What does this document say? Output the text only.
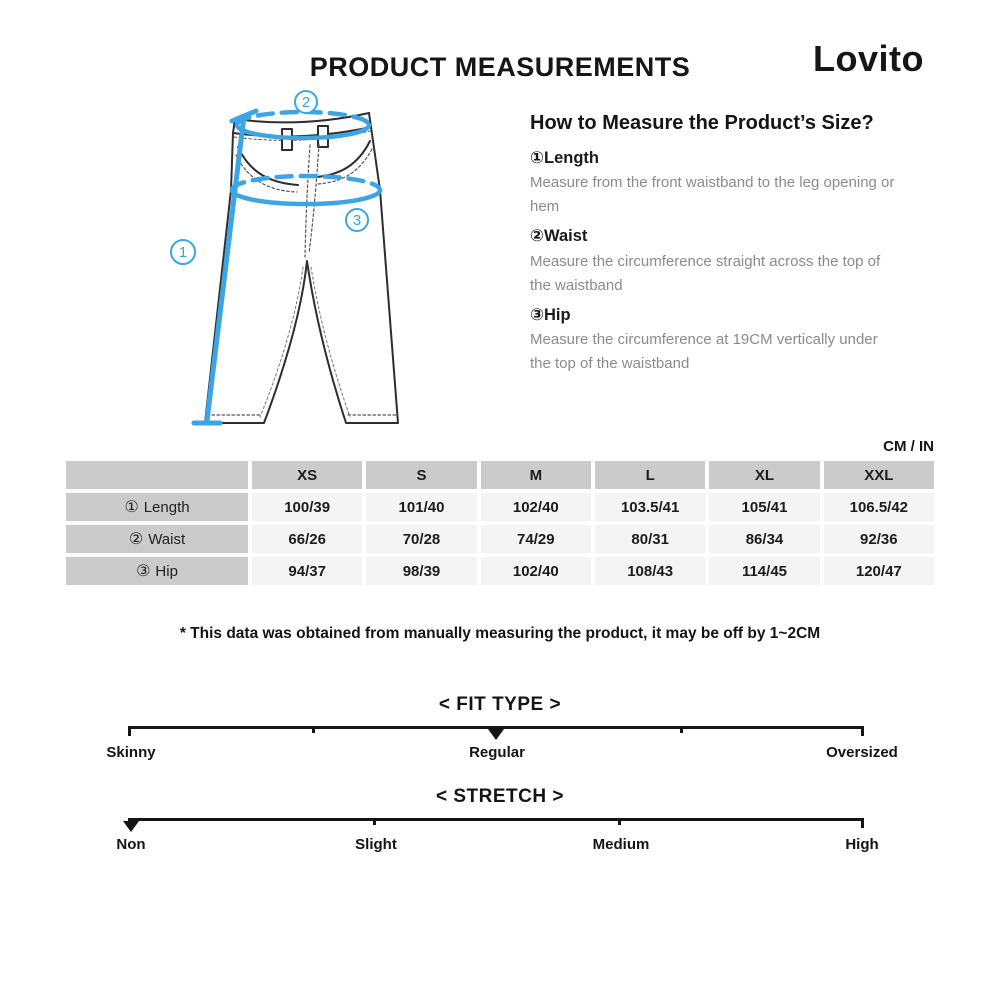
PRODUCT MEASUREMENTS	Lovito
1
2
3
How to Measure the Product’s Size?
①Length

Measure from the front waistband to the leg opening or hem

②Waist

Measure the circumference straight across the top of the waistband

③Hip

Measure the circumference at 19CM vertically under the top of the waistband

CM / IN
XS	S	M	L	XL	XXL
① Length	100/39	101/40	102/40	103.5/41	105/41	106.5/42
② Waist	66/26	70/28	74/29	80/31	86/34	92/36
③ Hip	94/37	98/39	102/40	108/43	114/45	120/47

* This data was obtained from manually measuring the product, it may be off by 1~2CM

< FIT TYPE >
Skinny	Regular	Oversized
< STRETCH >
Non	Slight	Medium	High
